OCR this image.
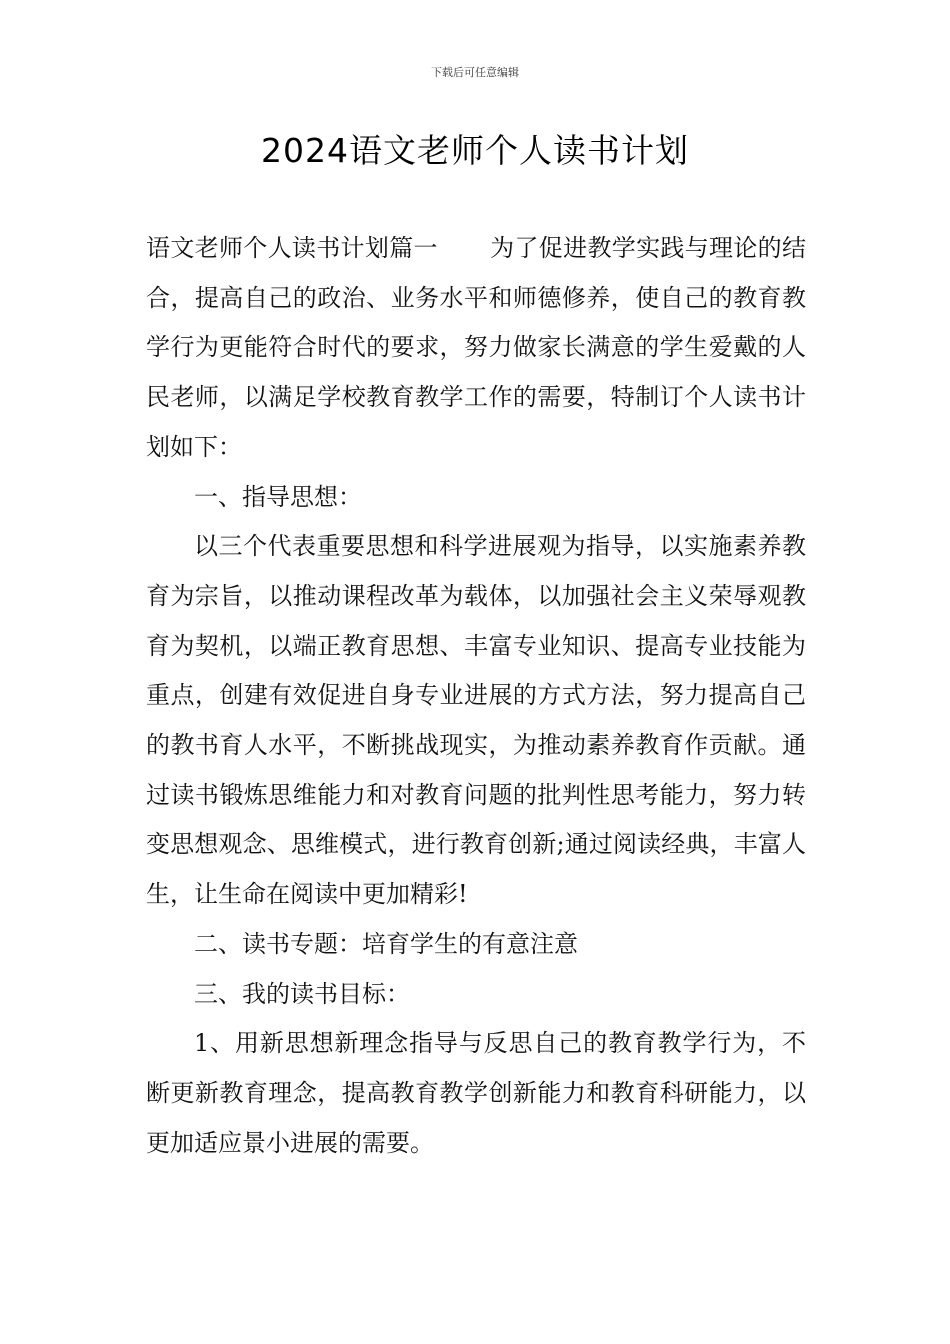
下载后可任意编辑
2024语文老师个人读书计划

语文老师个人读书计划篇一 为了促进教学实践与理论的结合，提高自己的政治、业务水平和师德修养，使自己的教育教学行为更能符合时代的要求，努力做家长满意的学生爱戴的人民老师，以满足学校教育教学工作的需要，特制订个人读书计划如下：

一、指导思想：

以三个代表重要思想和科学进展观为指导，以实施素养教育为宗旨，以推动课程改革为载体，以加强社会主义荣辱观教育为契机，以端正教育思想、丰富专业知识、提高专业技能为重点，创建有效促进自身专业进展的方式方法，努力提高自己的教书育人水平，不断挑战现实，为推动素养教育作贡献。通过读书锻炼思维能力和对教育问题的批判性思考能力，努力转变思想观念、思维模式，进行教育创新;通过阅读经典，丰富人生，让生命在阅读中更加精彩!

二、读书专题：培育学生的有意注意

三、我的读书目标：

1、用新思想新理念指导与反思自己的教育教学行为，不断更新教育理念，提高教育教学创新能力和教育科研能力，以更加适应景小进展的需要。
